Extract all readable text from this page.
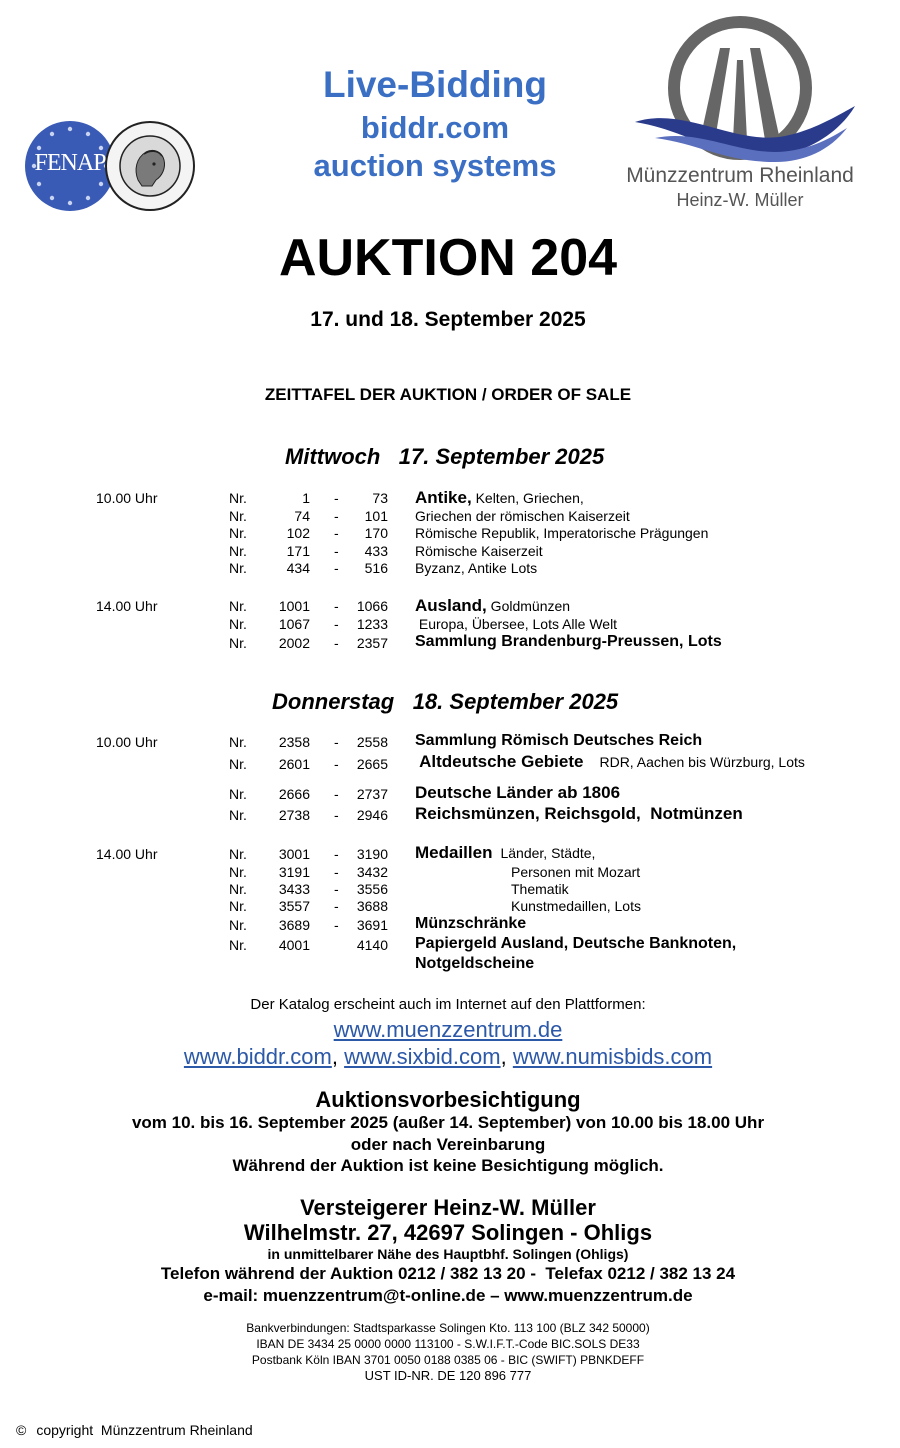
FENAP
Live-Bidding
biddr.com
auction systems	Münzzentrum Rheinland
Heinz-W. Müller
AUKTION 204
17. und 18. September 2025
ZEITTAFEL DER AUKTION / ORDER OF SALE
Mittwoch 17. September 2025
10.00 Uhr	Nr.	1 -	73 Antike, Kelten, Griechen,
Nr.	74 -	101 Griechen der römischen Kaiserzeit
Nr.	102 -	170 Römische Republik, Imperatorische Prägungen
Nr.	171 -	433 Römische Kaiserzeit
Nr.	434 -	516 Byzanz, Antike Lots
14.00 Uhr	Nr.	1001 -	1066 Ausland, Goldmünzen
Nr.	1067 -	1233 Europa, Übersee, Lots Alle Welt
Nr.	2002 -	2357 Sammlung Brandenburg-Preussen, Lots
Donnerstag 18. September 2025
10.00 Uhr	Nr.	2358 -	2558 Sammlung Römisch Deutsches Reich
Nr.	2601 -	2665 Altdeutsche Gebiete RDR, Aachen bis Würzburg, Lots
Nr.	2666 -	2737 Deutsche Länder ab 1806
Nr.	2738 -	2946 Reichsmünzen, Reichsgold,  Notmünzen
14.00 Uhr	Nr.	3001 -	3190 Medaillen Länder, Städte,
Nr.	3191 -	3432	Personen mit Mozart
Nr.	3433 -	3556	Thematik
Nr.	3557 -	3688	Kunstmedaillen, Lots
Nr.	3689 -	3691 Münzschränke
Nr.	4001	4140 Papiergeld Ausland, Deutsche Banknoten,
Notgeldscheine
Der Katalog erscheint auch im Internet auf den Plattformen:
www.muenzzentrum.de
www.biddr.com, www.sixbid.com, www.numisbids.com
Auktionsvorbesichtigung
vom 10. bis 16. September 2025 (außer 14. September) von 10.00 bis 18.00 Uhr
oder nach Vereinbarung
Während der Auktion ist keine Besichtigung möglich.
Versteigerer Heinz-W. Müller
Wilhelmstr. 27, 42697 Solingen - Ohligs
in unmittelbarer Nähe des Hauptbhf. Solingen (Ohligs)
Telefon während der Auktion 0212 / 382 13 20 -  Telefax 0212 / 382 13 24
e-mail: muenzzentrum@t-online.de – www.muenzzentrum.de
Bankverbindungen: Stadtsparkasse Solingen Kto. 113 100 (BLZ 342 50000)
IBAN DE 3434 25 0000 0000 113100 - S.W.I.F.T.-Code BIC.SOLS DE33
Postbank Köln IBAN 3701 0050 0188 0385 06 - BIC (SWIFT) PBNKDEFF
UST ID-NR. DE 120 896 777
© copyright  Münzzentrum Rheinland
